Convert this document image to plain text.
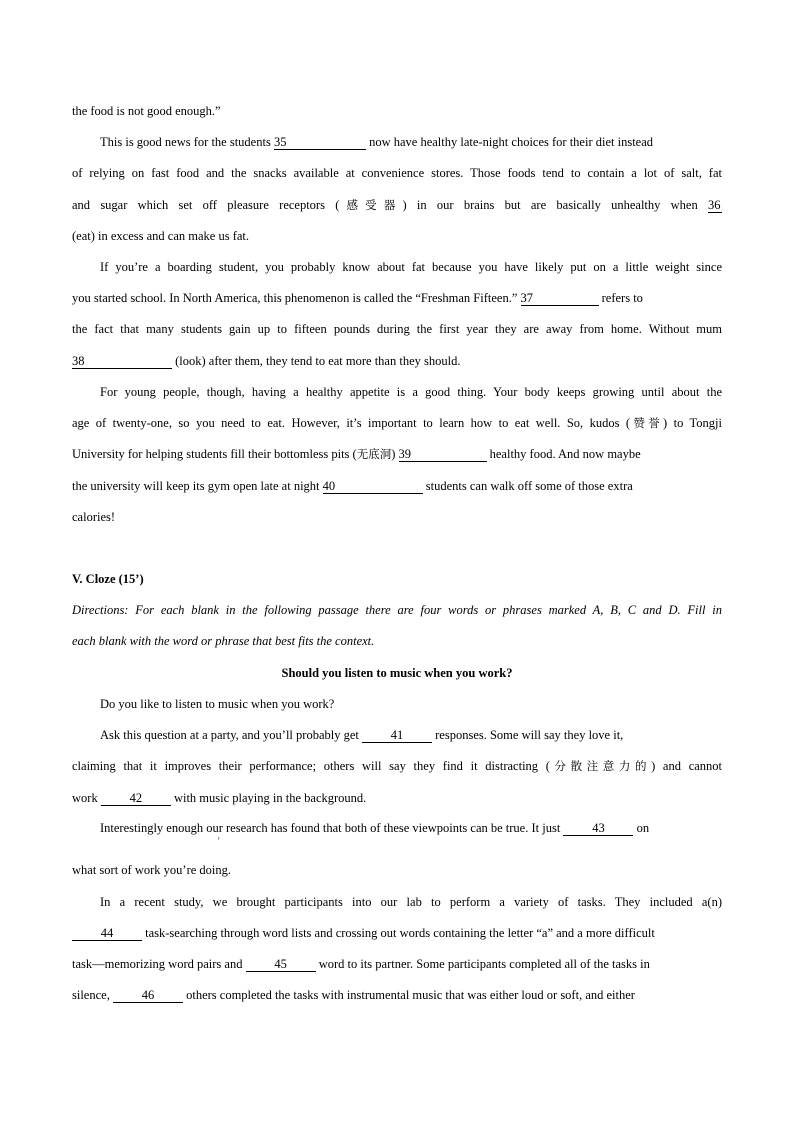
the food is not good enough.”
This is good news for the students 35	now have healthy late-night choices for their diet instead
of relying on fast food and the snacks available at convenience stores. Those foods tend to contain a lot of salt, fat
and sugar which set off pleasure receptors (感受器) in our brains but are basically unhealthy when 36
(eat) in excess and can make us fat.
If you’re a boarding student, you probably know about fat because you have likely put on a little weight since
you started school. In North America, this phenomenon is called the “Freshman Fifteen.” 37	refers to
the fact that many students gain up to fifteen pounds during the first year they are away from home. Without mum
38	(look) after them, they tend to eat more than they should.
For young people, though, having a healthy appetite is a good thing. Your body keeps growing until about the
age of twenty-one, so you need to eat. However, it’s important to learn how to eat well. So, kudos (赞誉) to Tongji
University for helping students fill their bottomless pits (无底洞) 39	healthy food. And now maybe
the university will keep its gym open late at night 40	students can walk off some of those extra
calories!
V. Cloze (15’)
Directions: For each blank in the following passage there are four words or phrases marked A, B, C and D. Fill in
each blank with the word or phrase that best fits the context.
Should you listen to music when you work?
Do you like to listen to music when you work?
Ask this question at a party, and you’ll probably get 41 responses. Some will say they love it,
claiming that it improves their performance; others will say they find it distracting (分散注意力的) and cannot
work 42 with music playing in the background.
Interestingly enough our research has found that both of these viewpoints can be true. It just 43 on
'
what sort of work you’re doing.
In a recent study, we brought participants into our lab to perform a variety of tasks. They included a(n)
44 task-searching through word lists and crossing out words containing the letter “a” and a more difficult
task—memorizing word pairs and 45 word to its partner. Some participants completed all of the tasks in
silence, 46 others completed the tasks with instrumental music that was either loud or soft, and either
